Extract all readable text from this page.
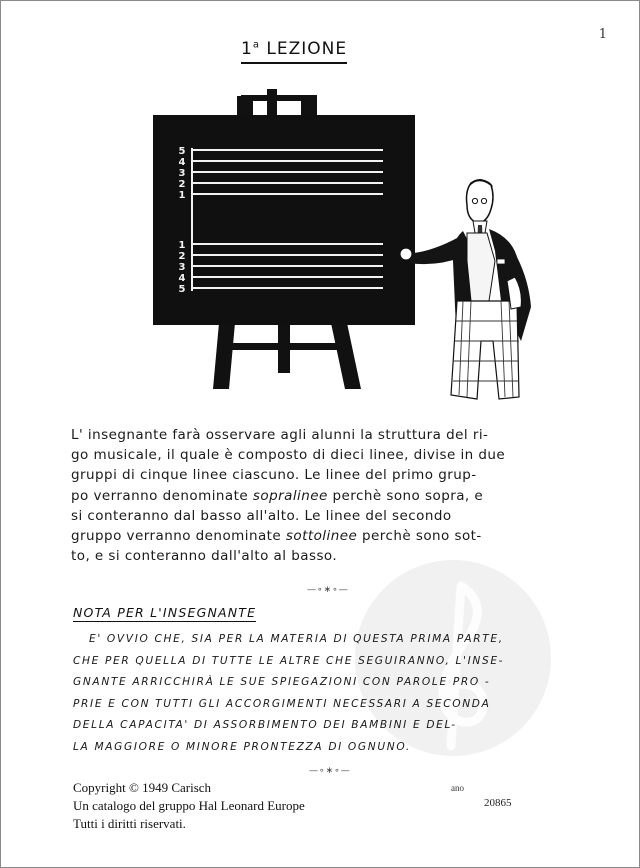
1
1$^a$ LEZIONE
5
4
3
2
1
1
2
3
4
5
L' insegnante farà osservare agli alunni la struttura del ri-
go musicale, il quale è composto di dieci linee, divise in due
gruppi di cinque linee ciascuno. Le linee del primo grup-
po verranno denominate sopralinee perchè sono sopra, e
si conteranno dal basso all'alto. Le linee del secondo
gruppo verranno denominate sottolinee perchè sono sot-
to, e si conteranno dall'alto al basso.
—∘∗∘—
NOTA PER L'INSEGNANTE
E' OVVIO CHE, SIA PER LA MATERIA DI QUESTA PRIMA PARTE,
CHE PER QUELLA DI TUTTE LE ALTRE CHE SEGUIRANNO, L'INSE-
GNANTE ARRICCHIRÀ LE SUE SPIEGAZIONI CON PAROLE PRO -
PRIE E CON TUTTI GLI ACCORGIMENTI NECESSARI A SECONDA
DELLA CAPACITA' DI ASSORBIMENTO DEI BAMBINI E DEL-
LA MAGGIORE O MINORE PRONTEZZA DI OGNUNO.
—∘∗∘—
Copyright © 1949 Carisch
Un catalogo del gruppo Hal Leonard Europe
Tutti i diritti riservati.
ano
20865
